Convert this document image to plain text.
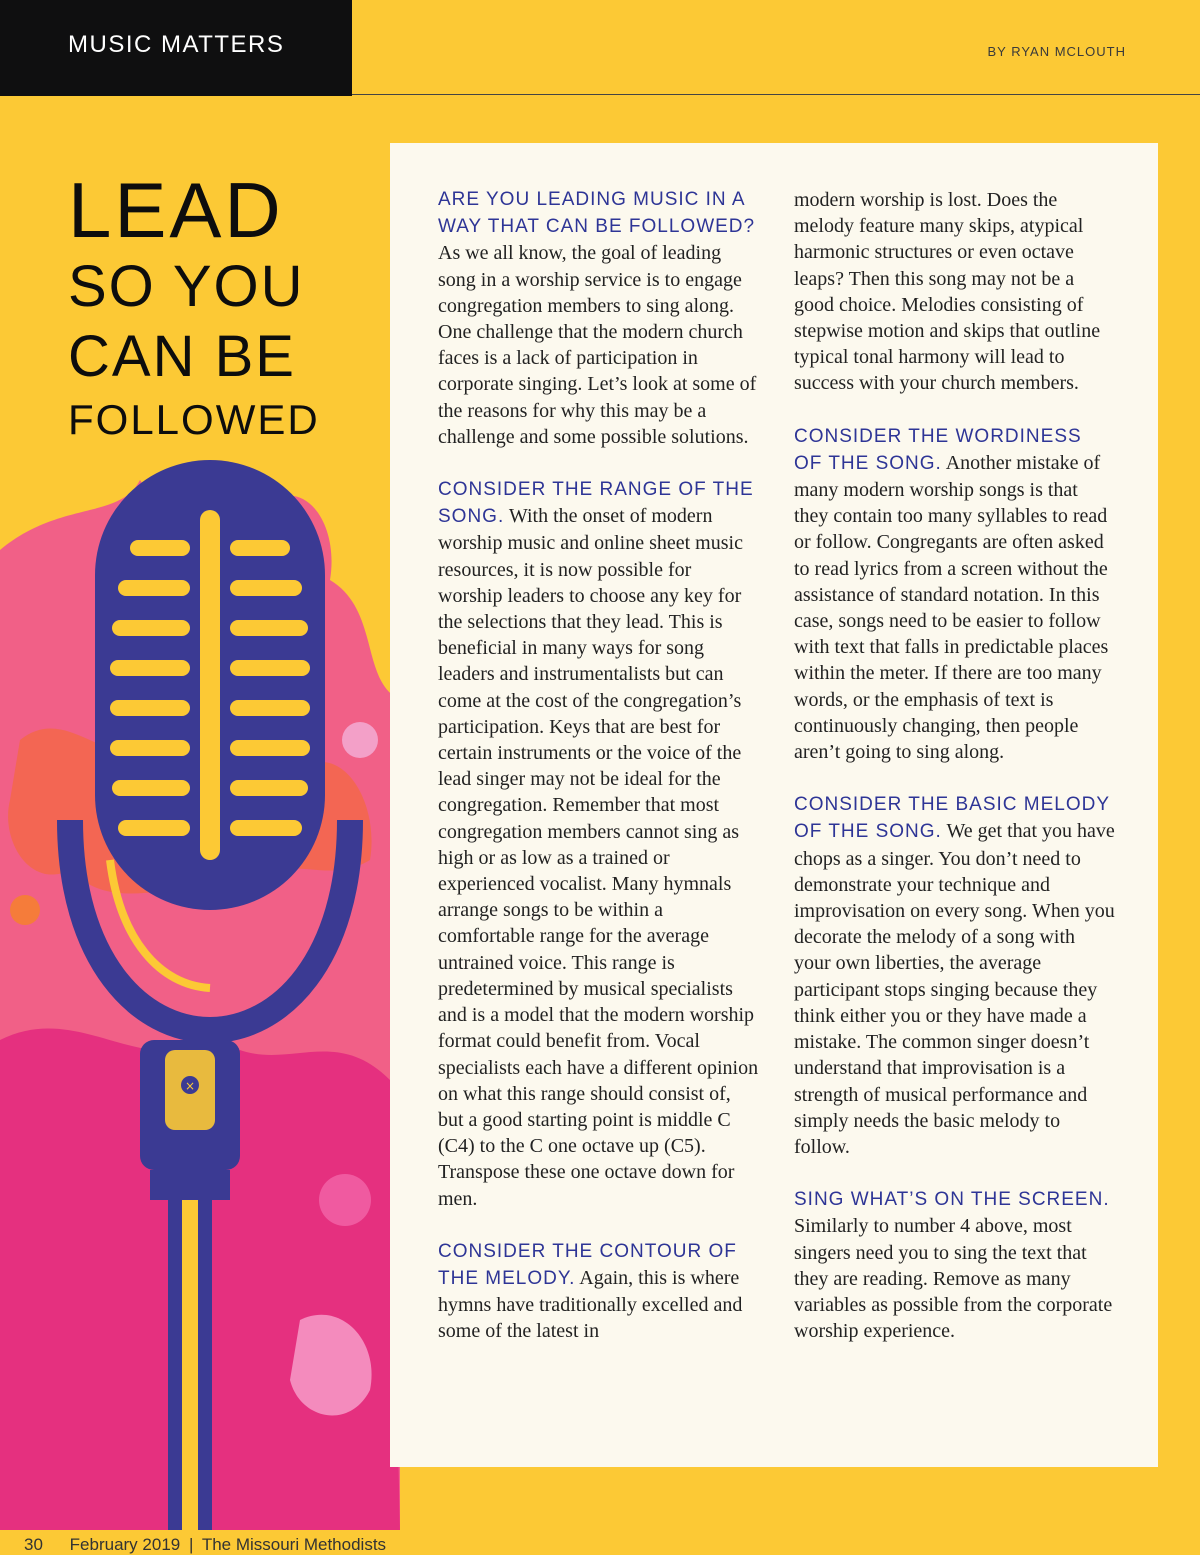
MUSIC MATTERS	BY RYAN MCLOUTH
LEAD
SO YOU
CAN BE
FOLLOWED
×

ARE YOU LEADING MUSIC IN A WAY THAT CAN BE FOLLOWED? As we all know, the goal of leading song in a worship service is to engage congregation members to sing along. One challenge that the modern church faces is a lack of participation in corporate singing. Let’s look at some of the reasons for why this may be a challenge and some possible solutions.

CONSIDER THE RANGE OF THE SONG. With the onset of modern worship music and online sheet music resources, it is now possible for worship leaders to choose any key for the selections that they lead. This is beneficial in many ways for song leaders and instrumentalists but can come at the cost of the congregation’s participation. Keys that are best for certain instruments or the voice of the lead singer may not be ideal for the congregation. Remember that most congregation members cannot sing as high or as low as a trained or experienced vocalist. Many hymnals arrange songs to be within a comfortable range for the average untrained voice. This range is predetermined by musical specialists and is a model that the modern worship format could benefit from. Vocal specialists each have a different opinion on what this range should consist of, but a good starting point is middle C (C4) to the C one octave up (C5). Transpose these one octave down for men.

CONSIDER THE CONTOUR OF THE MELODY. Again, this is where hymns have traditionally excelled and some of the latest in

modern worship is lost. Does the melody feature many skips, atypical harmonic structures or even octave leaps? Then this song may not be a good choice. Melodies consisting of stepwise motion and skips that outline typical tonal harmony will lead to success with your church members.

CONSIDER THE WORDINESS OF THE SONG. Another mistake of many modern worship songs is that they contain too many syllables to read or follow. Congregants are often asked to read lyrics from a screen without the assistance of standard notation. In this case, songs need to be easier to follow with text that falls in predictable places within the meter. If there are too many words, or the emphasis of text is continuously changing, then people aren’t going to sing along.

CONSIDER THE BASIC MELODY OF THE SONG. We get that you have chops as a singer. You don’t need to demonstrate your technique and improvisation on every song. When you decorate the melody of a song with your own liberties, the average participant stops singing because they think either you or they have made a mistake. The common singer doesn’t understand that improvisation is a strength of musical performance and simply needs the basic melody to follow.

SING WHAT’S ON THE SCREEN. Similarly to number 4 above, most singers need you to sing the text that they are reading. Remove as many variables as possible from the corporate worship experience.

30 February 2019 | The Missouri Methodists
